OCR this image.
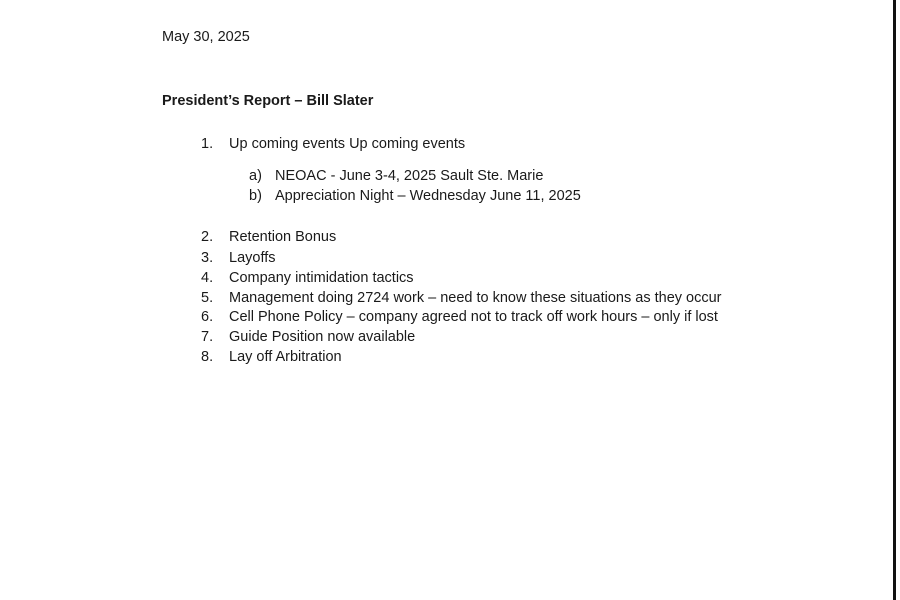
May 30, 2025
President’s Report – Bill Slater
1.	Up coming events Up coming events
a) NEOAC - June 3-4, 2025 Sault Ste. Marie
b) Appreciation Night – Wednesday June 11, 2025
2.	Retention Bonus
3.	Layoffs
4.	Company intimidation tactics
5.	Management doing 2724 work – need to know these situations as they occur
6.	Cell Phone Policy – company agreed not to track off work hours – only if lost
7.	Guide Position now available
8.	Lay off Arbitration
